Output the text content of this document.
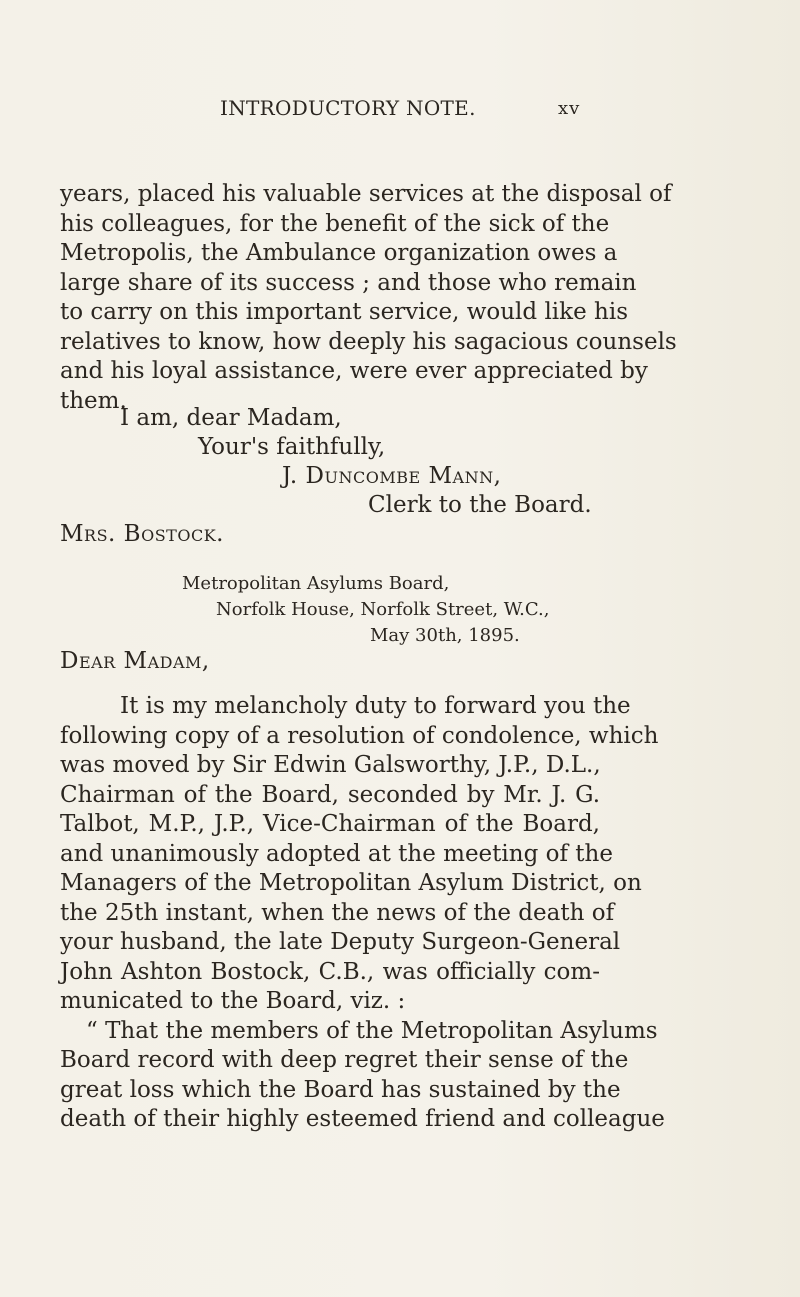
INTRODUCTORY NOTE.	xv
years, placed his valuable services at the disposal of
his colleagues, for the benefit of the sick of the
Metropolis, the Ambulance organization owes a
large share of its success ; and those who remain
to carry on this important service, would like his
relatives to know, how deeply his sagacious counsels
and his loyal assistance, were ever appreciated by
them.
I am, dear Madam,
Your's faithfully,
J. Duncombe Mann,
Clerk to the Board.
Mrs. Bostock.
Metropolitan Asylums Board,
Norfolk House, Norfolk Street, W.C.,
May 30th, 1895.
Dear Madam,
It is my melancholy duty to forward you the
following copy of a resolution of condolence, which
was moved by Sir Edwin Galsworthy, J.P., D.L.,
Chairman of the Board, seconded by Mr. J. G.
Talbot, M.P., J.P., Vice-Chairman of the Board,
and unanimously adopted at the meeting of the
Managers of the Metropolitan Asylum District, on
the 25th instant, when the news of the death of
your husband, the late Deputy Surgeon-General
John Ashton Bostock, C.B., was officially com-
municated to the Board, viz. :
“ That the members of the Metropolitan Asylums
Board record with deep regret their sense of the
great loss which the Board has sustained by the
death of their highly esteemed friend and colleague
